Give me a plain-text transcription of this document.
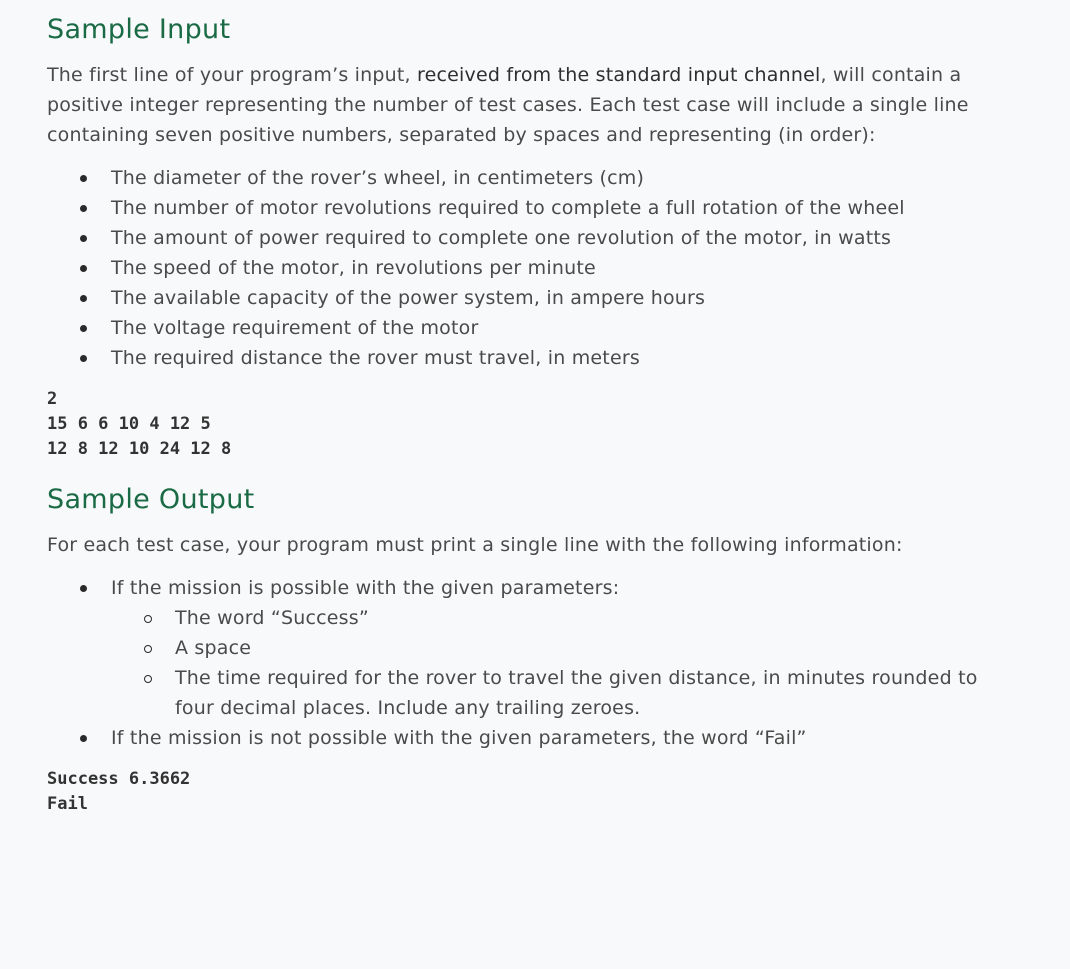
Sample Input

The first line of your program’s input, received from the standard input channel, will contain a positive integer representing the number of test cases. Each test case will include a single line containing seven positive numbers, separated by spaces and representing (in order):

The diameter of the rover’s wheel, in centimeters (cm)
The number of motor revolutions required to complete a full rotation of the wheel
The amount of power required to complete one revolution of the motor, in watts
The speed of the motor, in revolutions per minute
The available capacity of the power system, in ampere hours
The voltage requirement of the motor
The required distance the rover must travel, in meters
2
15 6 6 10 4 12 5
12 8 12 10 24 12 8
Sample Output

For each test case, your program must print a single line with the following information:

If the mission is possible with the given parameters:
The word “Success”
A space
The time required for the rover to travel the given distance, in minutes rounded to four decimal places. Include any trailing zeroes.
If the mission is not possible with the given parameters, the word “Fail”
Success 6.3662
Fail
